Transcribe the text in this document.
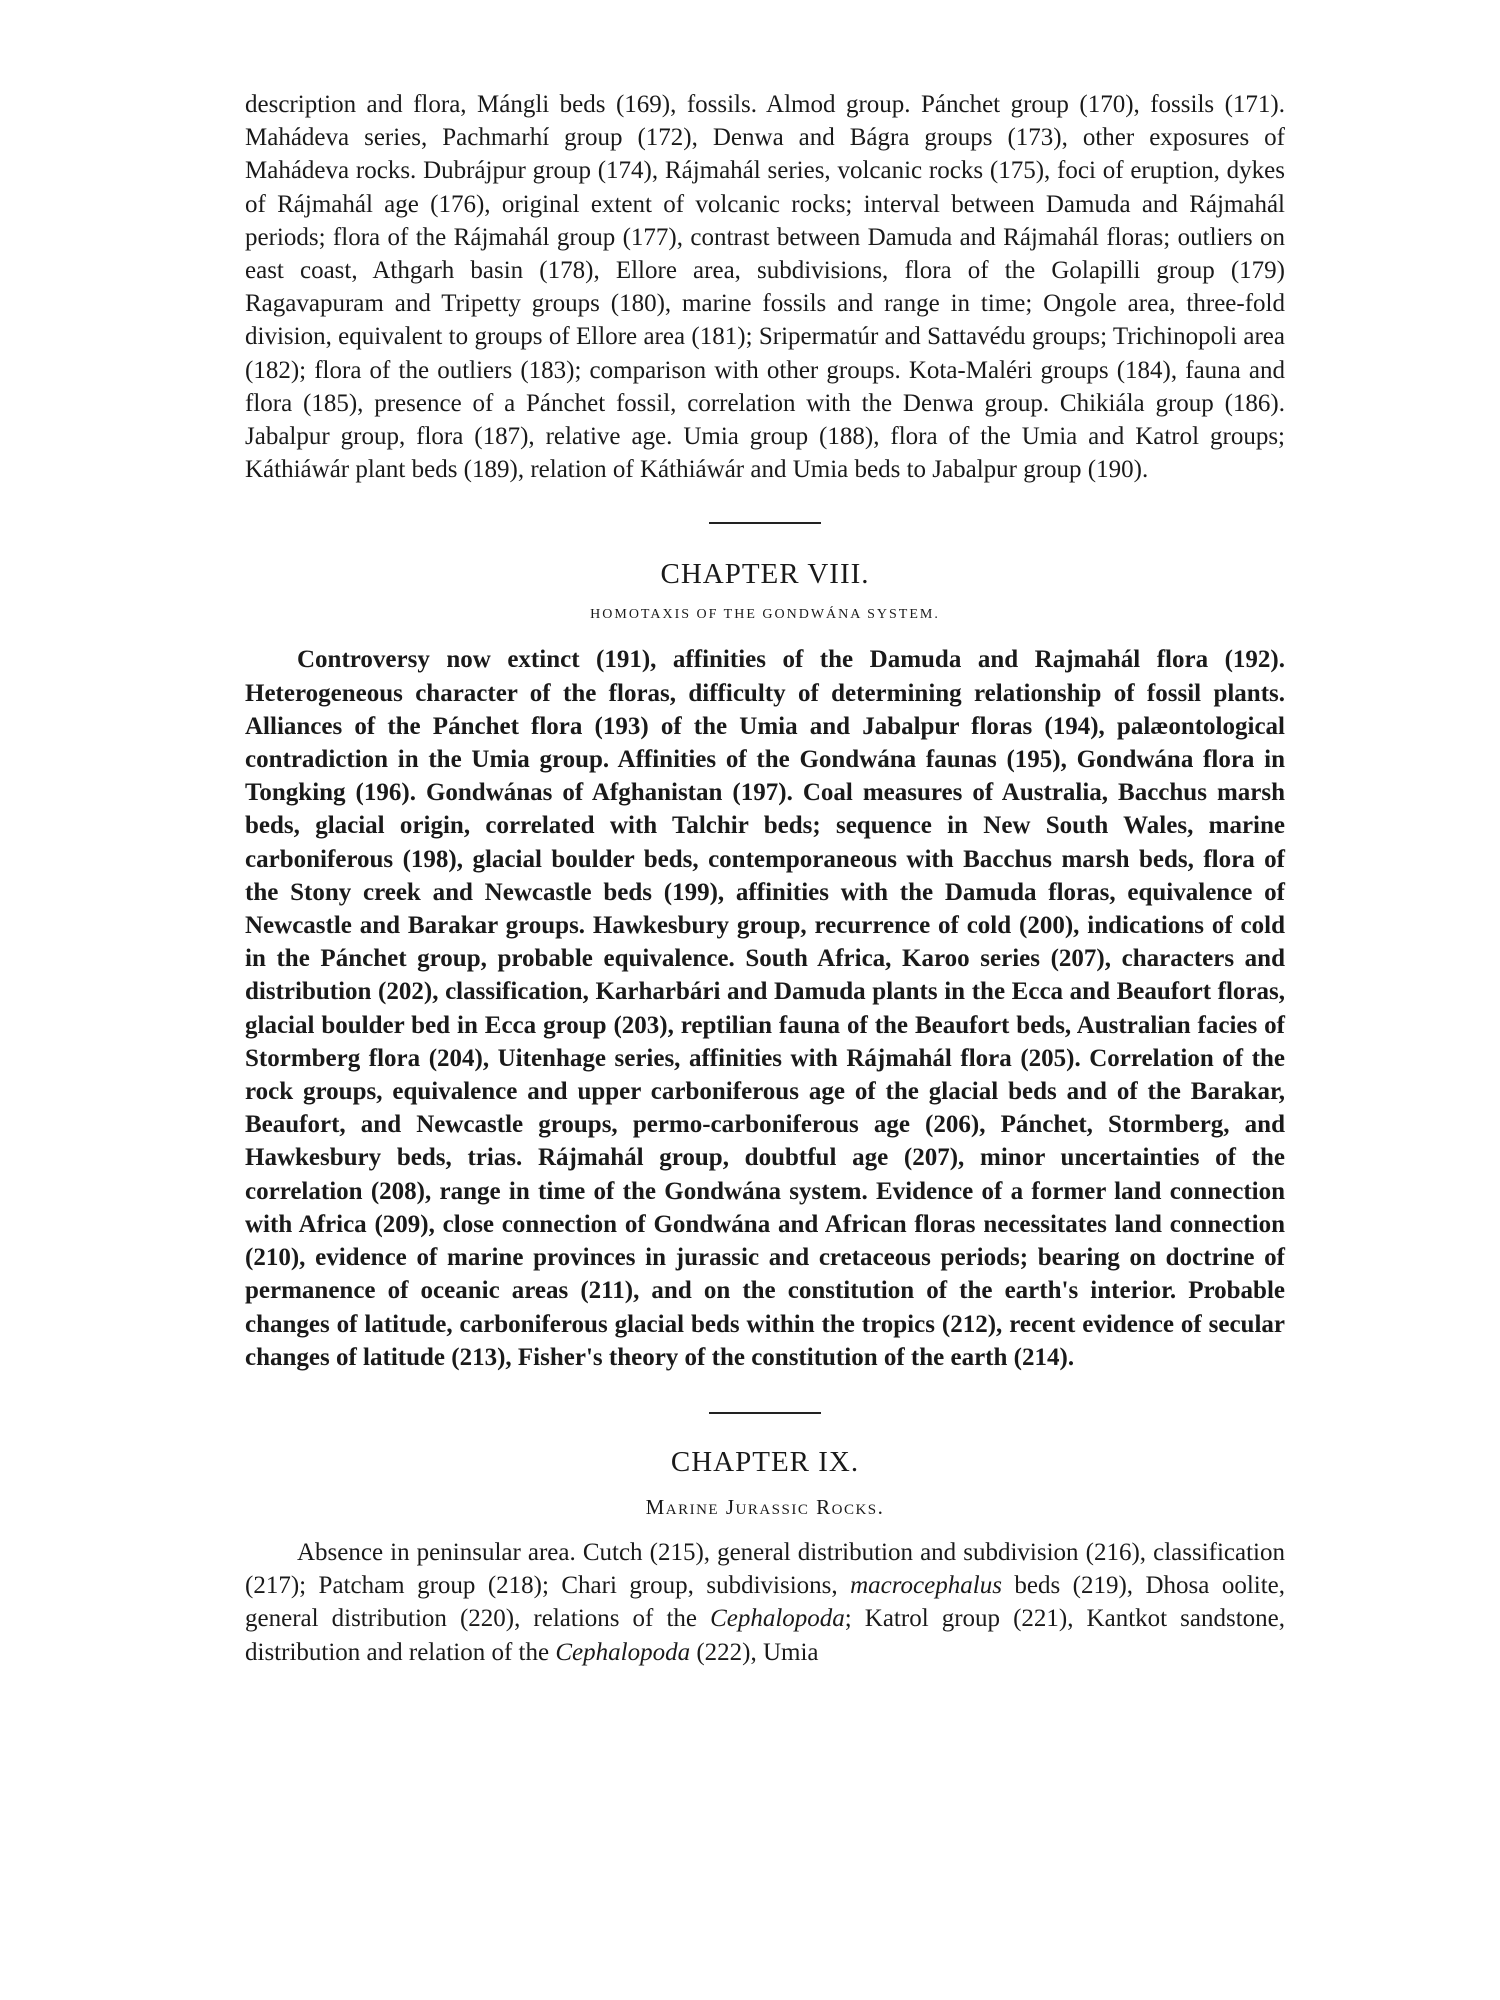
description and flora, Mángli beds (169), fossils. Almod group. Pánchet group (170), fossils (171). Mahádeva series, Pachmarhí group (172), Denwa and Bágra groups (173), other exposures of Mahádeva rocks. Dubrájpur group (174), Rájmahál series, volcanic rocks (175), foci of eruption, dykes of Rájmahál age (176), original extent of volcanic rocks; interval between Damuda and Rájmahál periods; flora of the Rájmahál group (177), contrast between Damuda and Rájmahál floras; outliers on east coast, Athgarh basin (178), Ellore area, subdivisions, flora of the Golapilli group (179) Ragavapuram and Tripetty groups (180), marine fossils and range in time; Ongole area, three-fold division, equivalent to groups of Ellore area (181); Sripermatúr and Sattavédu groups; Trichinopoli area (182); flora of the outliers (183); comparison with other groups. Kota-Maléri groups (184), fauna and flora (185), presence of a Pánchet fossil, correlation with the Denwa group. Chikiála group (186). Jabalpur group, flora (187), relative age. Umia group (188), flora of the Umia and Katrol groups; Káthiáwár plant beds (189), relation of Káthiáwár and Umia beds to Jabalpur group (190).

CHAPTER VIII.
HOMOTAXIS OF THE GONDWÁNA SYSTEM.

Controversy now extinct (191), affinities of the Damuda and Rajmahál flora (192). Heterogeneous character of the floras, difficulty of determining relationship of fossil plants. Alliances of the Pánchet flora (193) of the Umia and Jabalpur floras (194), palæontological contradiction in the Umia group. Affinities of the Gondwána faunas (195), Gondwána flora in Tongking (196). Gondwánas of Afghanistan (197). Coal measures of Australia, Bacchus marsh beds, glacial origin, correlated with Talchir beds; sequence in New South Wales, marine carboniferous (198), glacial boulder beds, contemporaneous with Bacchus marsh beds, flora of the Stony creek and Newcastle beds (199), affinities with the Damuda floras, equivalence of Newcastle and Barakar groups. Hawkesbury group, recurrence of cold (200), indications of cold in the Pánchet group, probable equivalence. South Africa, Karoo series (207), characters and distribution (202), classification, Karharbári and Damuda plants in the Ecca and Beaufort floras, glacial boulder bed in Ecca group (203), reptilian fauna of the Beaufort beds, Australian facies of Stormberg flora (204), Uitenhage series, affinities with Rájmahál flora (205). Correlation of the rock groups, equivalence and upper carboniferous age of the glacial beds and of the Barakar, Beaufort, and Newcastle groups, permo-carboniferous age (206), Pánchet, Stormberg, and Hawkesbury beds, trias. Rájmahál group, doubtful age (207), minor uncertainties of the correlation (208), range in time of the Gondwána system. Evidence of a former land connection with Africa (209), close connection of Gondwána and African floras necessitates land connection (210), evidence of marine provinces in jurassic and cretaceous periods; bearing on doctrine of permanence of oceanic areas (211), and on the constitution of the earth's interior. Probable changes of latitude, carboniferous glacial beds within the tropics (212), recent evidence of secular changes of latitude (213), Fisher's theory of the constitution of the earth (214).

CHAPTER IX.
Marine Jurassic Rocks.

Absence in peninsular area. Cutch (215), general distribution and subdivision (216), classification (217); Patcham group (218); Chari group, subdivisions, macrocephalus beds (219), Dhosa oolite, general distribution (220), relations of the Cephalopoda; Katrol group (221), Kantkot sandstone, distribution and relation of the Cephalopoda (222), Umia
